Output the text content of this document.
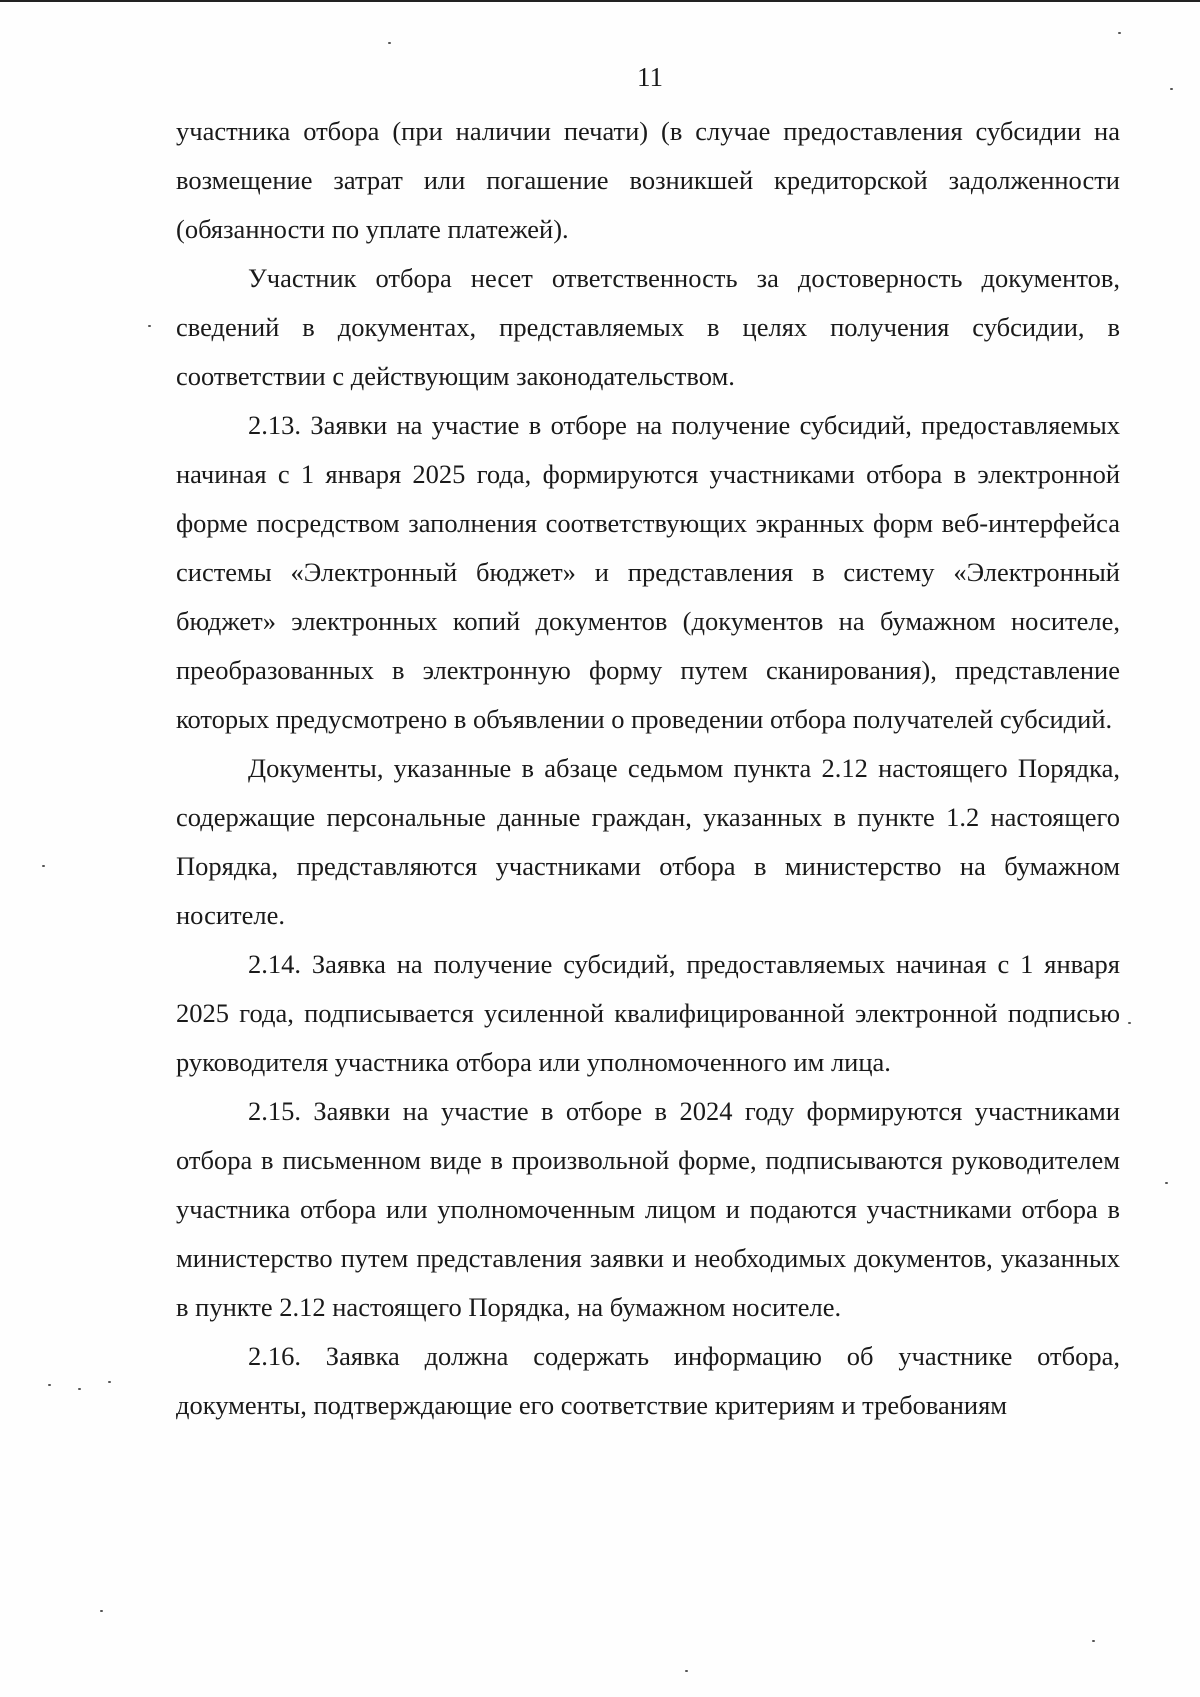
11

участника отбора (при наличии печати) (в случае предоставления субсидии на возмещение затрат или погашение возникшей кредиторской задолженности (обязанности по уплате платежей).

Участник отбора несет ответственность за достоверность документов, сведений в документах, представляемых в целях получения субсидии, в соответствии с действующим законодательством.

2.13. Заявки на участие в отборе на получение субсидий, предоставляемых начиная с 1 января 2025 года, формируются участниками отбора в электронной форме посредством заполнения соответствующих экранных форм веб-интерфейса системы «Электронный бюджет» и представления в систему «Электронный бюджет» электронных копий документов (документов на бумажном носителе, преобразованных в электронную форму путем сканирования), представление которых предусмотрено в объявлении о проведении отбора получателей субсидий.

Документы, указанные в абзаце седьмом пункта 2.12 настоящего Порядка, содержащие персональные данные граждан, указанных в пункте 1.2 настоящего Порядка, представляются участниками отбора в министерство на бумажном носителе.

2.14. Заявка на получение субсидий, предоставляемых начиная с 1 января 2025 года, подписывается усиленной квалифицированной электронной подписью руководителя участника отбора или уполномоченного им лица.

2.15. Заявки на участие в отборе в 2024 году формируются участниками отбора в письменном виде в произвольной форме, подписываются руководителем участника отбора или уполномоченным лицом и подаются участниками отбора в министерство путем представления заявки и необходимых документов, указанных в пункте 2.12 настоящего Порядка, на бумажном носителе.

2.16. Заявка должна содержать информацию об участнике отбора, документы, подтверждающие его соответствие критериям и требованиям
